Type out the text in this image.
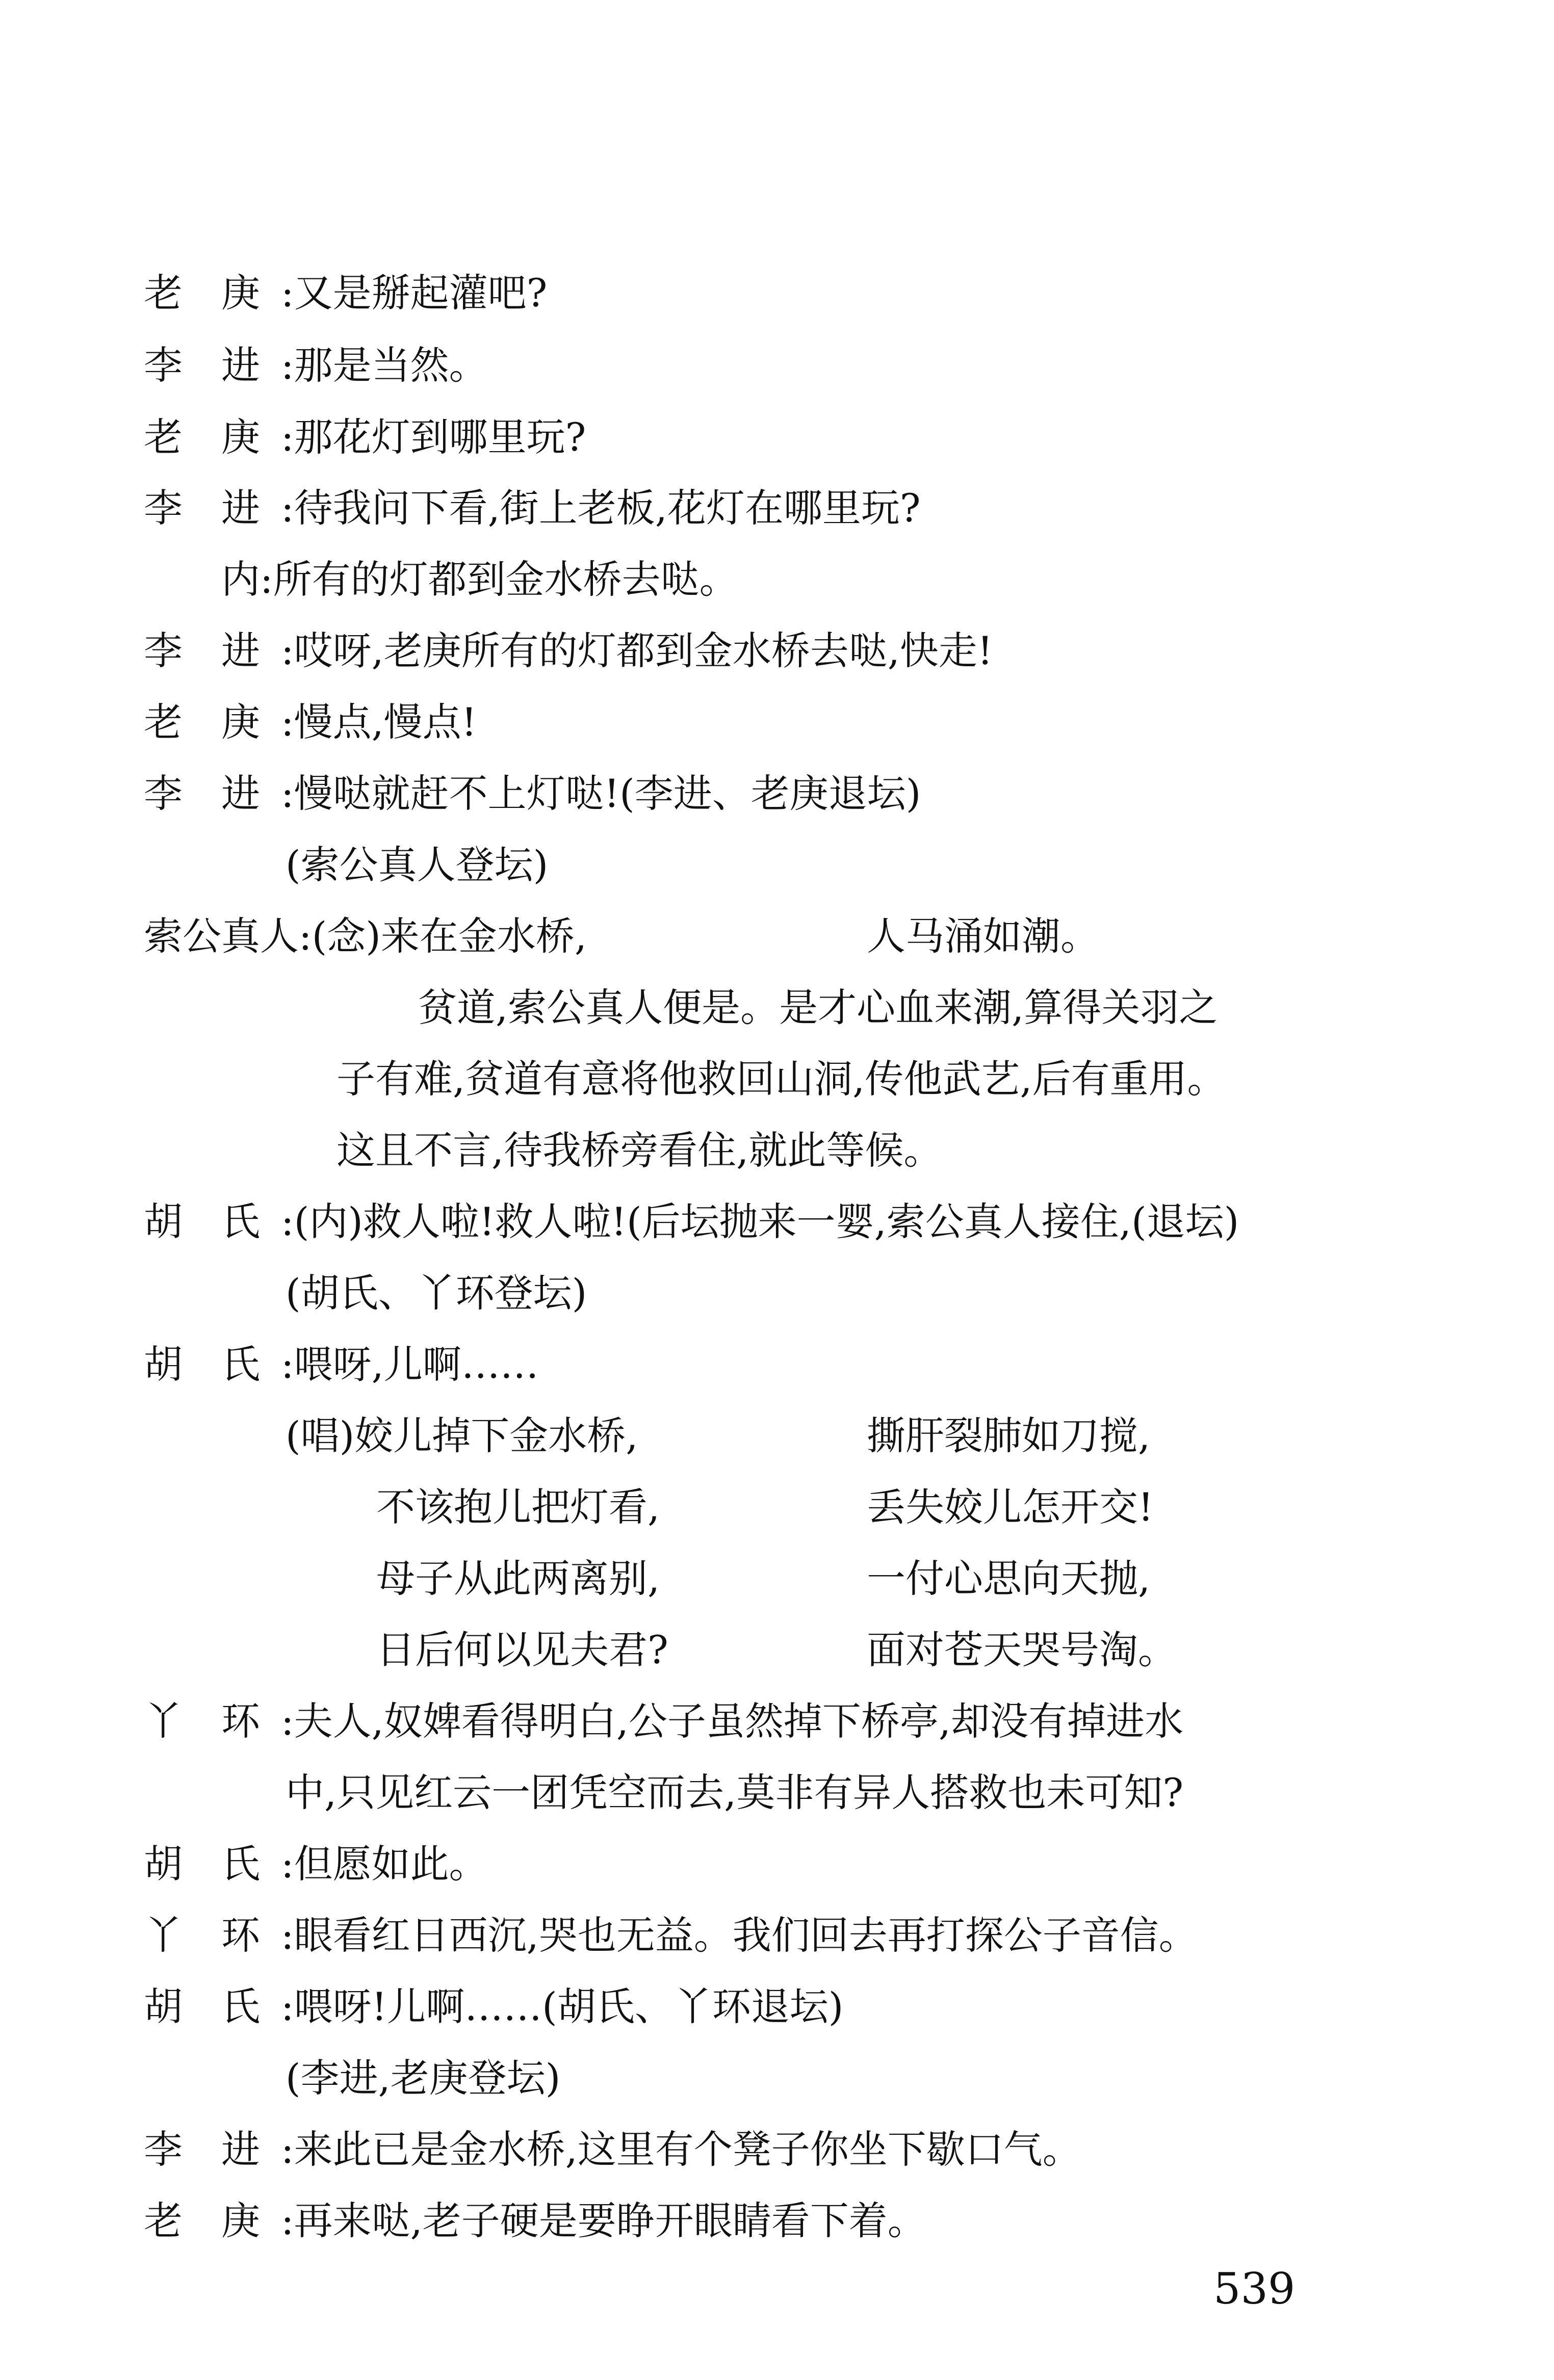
老　庚 :又是掰起灌吧?
李　进 :那是当然。
老　庚 :那花灯到哪里玩?
李　进 :待我问下看,街上老板,花灯在哪里玩?
内:所有的灯都到金水桥去哒。
李　进 :哎呀,老庚所有的灯都到金水桥去哒,快走!
老　庚 :慢点,慢点!
李　进 :慢哒就赶不上灯哒!(李进、老庚退坛)
(索公真人登坛)
索公真人:(念)来在金水桥,	人马涌如潮。
贫道,索公真人便是。是才心血来潮,算得关羽之
子有难,贫道有意将他救回山洞,传他武艺,后有重用。
这且不言,待我桥旁看住,就此等候。
胡　氏 :(内)救人啦!救人啦!(后坛抛来一婴,索公真人接住,(退坛)
(胡氏、丫环登坛)
胡　氏 :喂呀,儿啊……
(唱)姣儿掉下金水桥,	撕肝裂肺如刀搅,
不该抱儿把灯看,	丢失姣儿怎开交!
母子从此两离别,	一付心思向天抛,
日后何以见夫君?	面对苍天哭号淘。
丫　环 :夫人,奴婢看得明白,公子虽然掉下桥亭,却没有掉进水
中,只见红云一团凭空而去,莫非有异人搭救也未可知?
胡　氏 :但愿如此。
丫　环 :眼看红日西沉,哭也无益。我们回去再打探公子音信。
胡　氏 :喂呀!儿啊……(胡氏、丫环退坛)
(李进,老庚登坛)
李　进 :来此已是金水桥,这里有个凳子你坐下歇口气。
老　庚 :再来哒,老子硬是要睁开眼睛看下着。
539
